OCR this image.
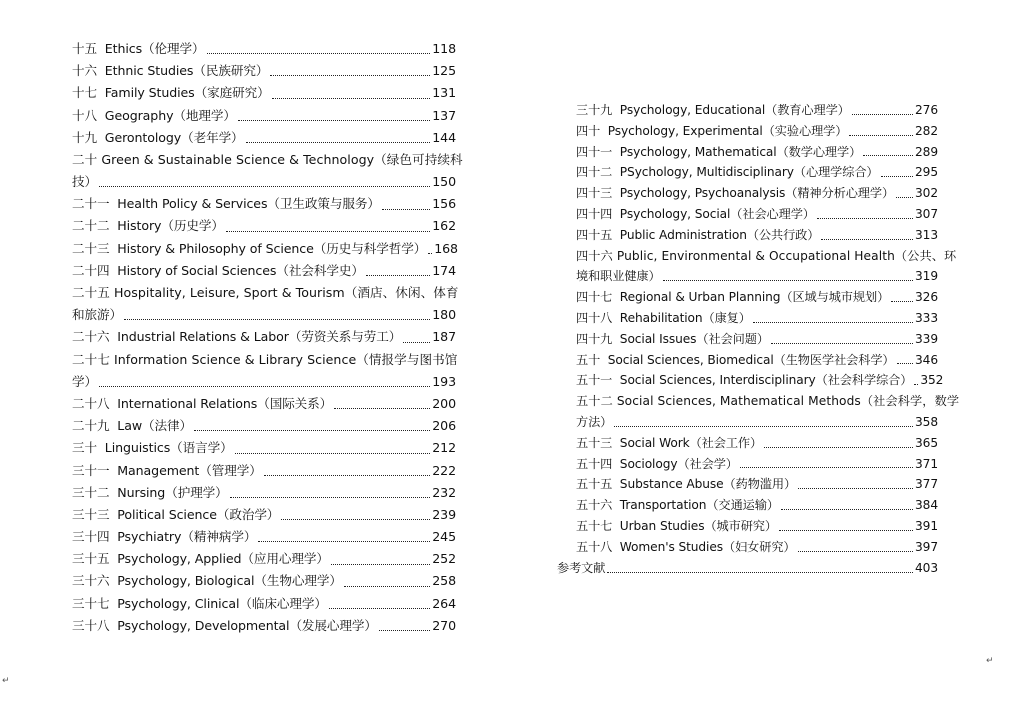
十五  Ethics（伦理学）	118
十六  Ethnic Studies（民族研究）	125
十七  Family Studies（家庭研究）	131
十八  Geography（地理学）	137
十九  Gerontology（老年学）	144
二十 Green & Sustainable Science & Technology（绿色可持续科
技）	150
二十一  Health Policy & Services（卫生政策与服务）	156
二十二  History（历史学）	162
二十三  History & Philosophy of Science（历史与科学哲学） 168
二十四  History of Social Sciences（社会科学史）	174
二十五 Hospitality, Leisure, Sport & Tourism（酒店、休闲、体育
和旅游）	180
二十六  Industrial Relations & Labor（劳资关系与劳工） 187
二十七 Information Science & Library Science（情报学与图书馆
学）	193
二十八  International Relations（国际关系）	200
二十九  Law（法律）	206
三十  Linguistics（语言学）	212
三十一  Management（管理学）	222
三十二  Nursing（护理学）	232
三十三  Political Science（政治学）	239
三十四  Psychiatry（精神病学）	245
三十五  Psychology, Applied（应用心理学）	252
三十六  Psychology, Biological（生物心理学）	258
三十七  Psychology, Clinical（临床心理学）	264
三十八  Psychology, Developmental（发展心理学）	270
三十九  Psychology, Educational（教育心理学）	276
四十  Psychology, Experimental（实验心理学）	282
四十一  Psychology, Mathematical（数学心理学）	289
四十二  PSychology, Multidisciplinary（心理学综合）	295
四十三  Psychology, Psychoanalysis（精神分析心理学） 302
四十四  Psychology, Social（社会心理学）	307
四十五  Public Administration（公共行政）	313
四十六 Public, Environmental & Occupational Health（公共、环
境和职业健康）	319
四十七  Regional & Urban Planning（区域与城市规划） 326
四十八  Rehabilitation（康复）	333
四十九  Social Issues（社会问题）	339
五十  Social Sciences, Biomedical（生物医学社会科学） 346
五十一  Social Sciences, Interdisciplinary（社会科学综合） 352
五十二 Social Sciences, Mathematical Methods（社会科学，数学
方法）	358
五十三  Social Work（社会工作）	365
五十四  Sociology（社会学）	371
五十五  Substance Abuse（药物滥用）	377
五十六  Transportation（交通运输）	384
五十七  Urban Studies（城市研究）	391
五十八  Women's Studies（妇女研究）	397
参考文献	403
↵
↵
